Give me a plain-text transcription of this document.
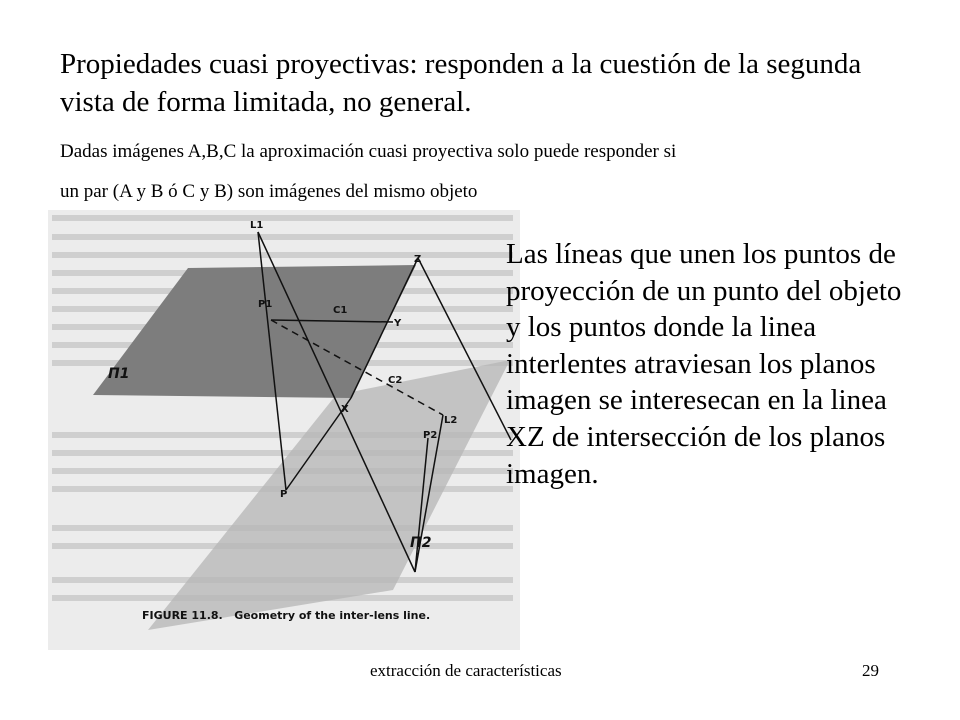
Propiedades cuasi proyectivas: responden a la cuestión de la segunda vista de forma limitada, no general.

Dadas imágenes A,B,C la aproximación cuasi proyectiva solo puede responder si

un par (A y B ó C y B) son imágenes del mismo objeto

L1
Z
P1
C1
Y
C2
X
L2
P2
P
Π1
Π2
FIGURE 11.8.   Geometry of the inter-lens line.

Las líneas que unen los puntos de proyección de un punto del objeto y los puntos donde la linea interlentes atraviesan los planos imagen se interesecan en la linea XZ de intersección de los planos imagen.

extracción de características	29
